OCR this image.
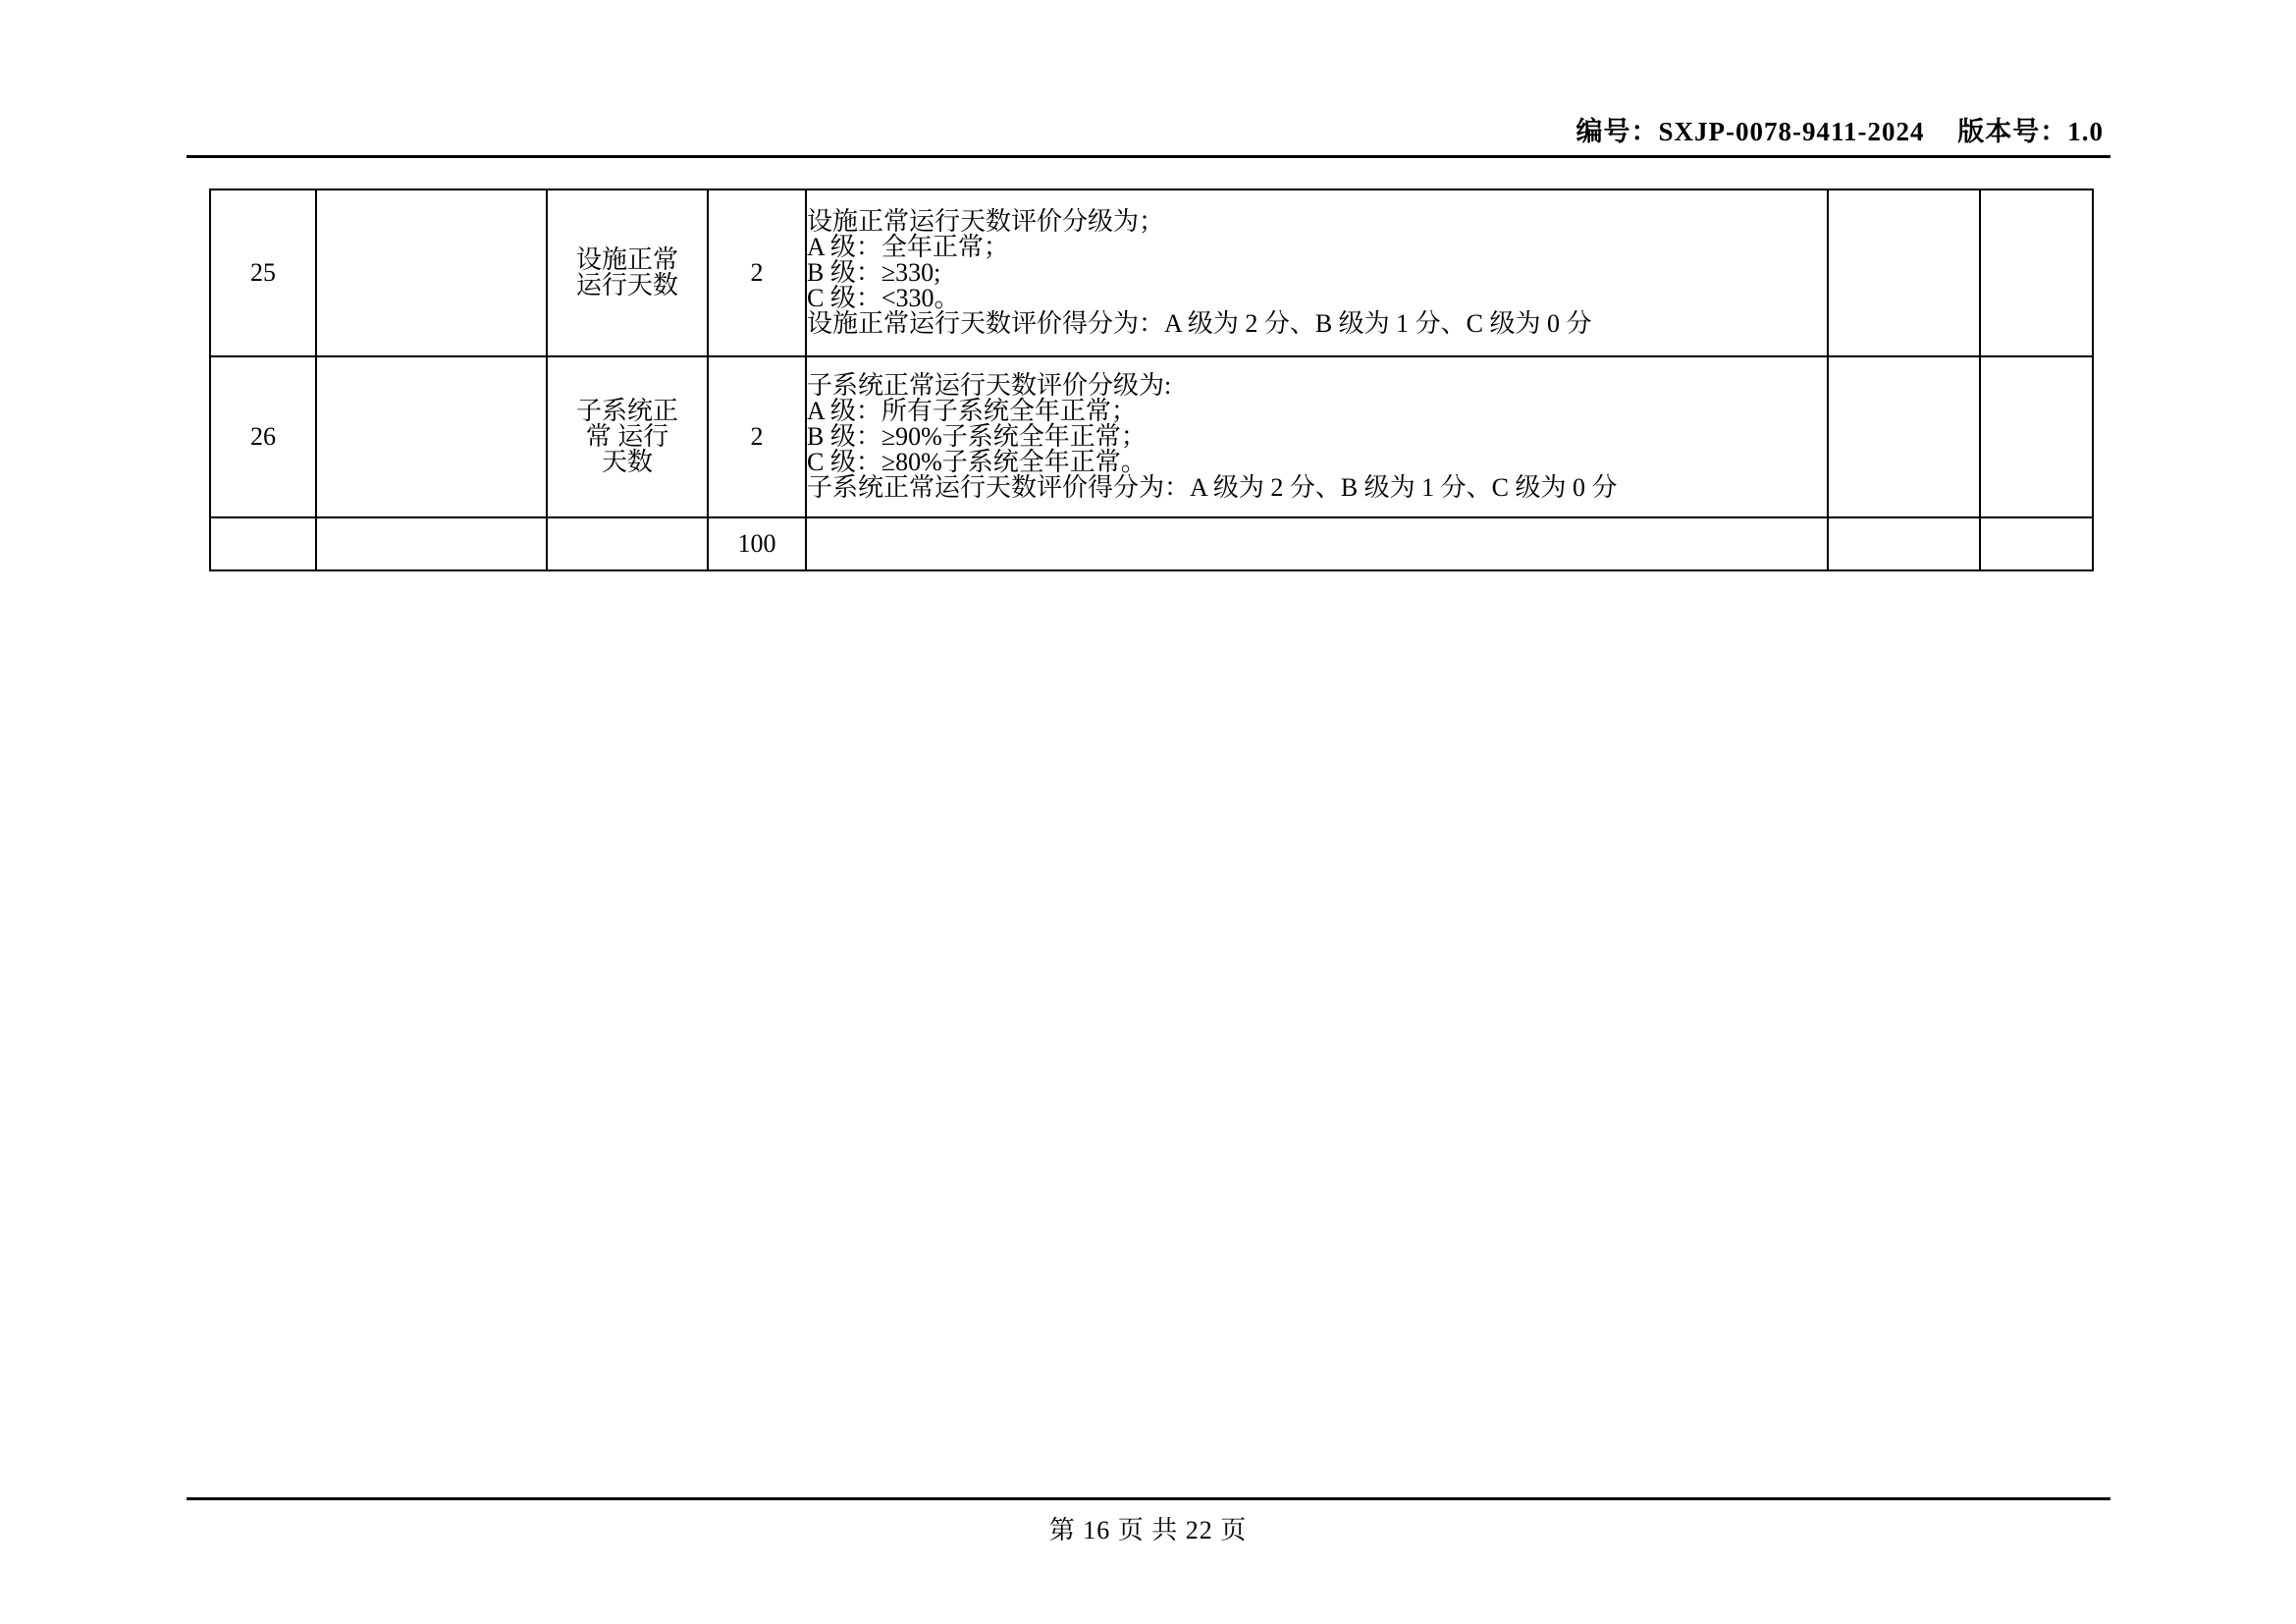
编号：SXJP-0078-9411-2024 版本号：1.0
25		设施正常
运行天数	2	设施正常运行天数评价分级为；
A 级：全年正常；
B 级：≥330;
C 级：<330。
设施正常运行天数评价得分为：A 级为 2 分、B 级为 1 分、C 级为 0 分		

26		子系统正
常 运行
天数	2	子系统正常运行天数评价分级为:
A 级：所有子系统全年正常；
B 级：≥90%子系统全年正常；
C 级：≥80%子系统全年正常。
子系统正常运行天数评价得分为：A 级为 2 分、B 级为 1 分、C 级为 0 分		

			100			
第 16 页 共 22 页
